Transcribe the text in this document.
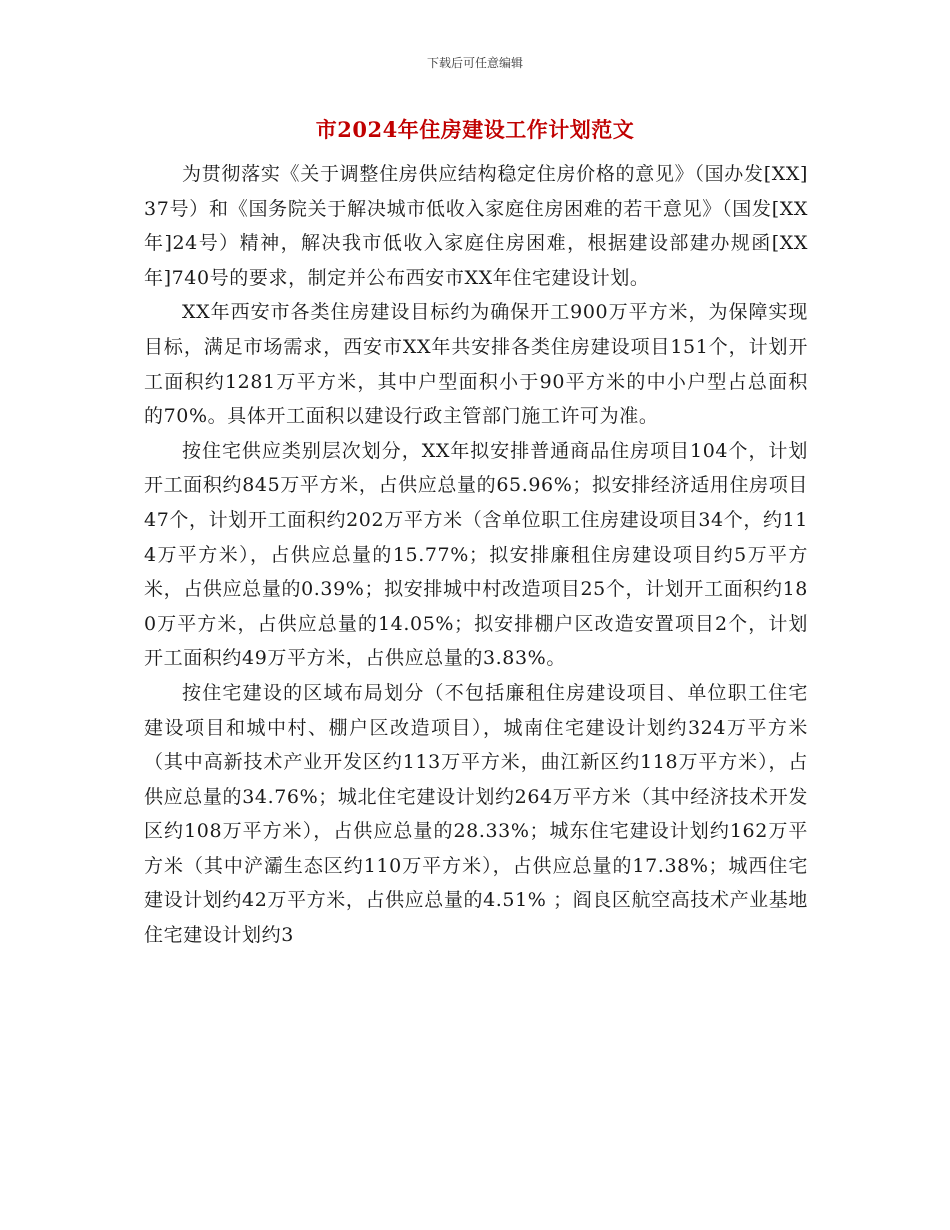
下载后可任意编辑
市2024年住房建设工作计划范文

为贯彻落实《关于调整住房供应结构稳定住房价格的意见》（国办发[XX]37号）和《国务院关于解决城市低收入家庭住房困难的若干意见》（国发[XX年]24号）精神，解决我市低收入家庭住房困难，根据建设部建办规函[XX年]740号的要求，制定并公布西安市XX年住宅建设计划。

XX年西安市各类住房建设目标约为确保开工900万平方米，为保障实现目标，满足市场需求，西安市XX年共安排各类住房建设项目151个，计划开工面积约1281万平方米，其中户型面积小于90平方米的中小户型占总面积的70%。具体开工面积以建设行政主管部门施工许可为准。

按住宅供应类别层次划分，XX年拟安排普通商品住房项目104个，计划开工面积约845万平方米，占供应总量的65.96%；拟安排经济适用住房项目47个，计划开工面积约202万平方米（含单位职工住房建设项目34个，约114万平方米），占供应总量的15.77%；拟安排廉租住房建设项目约5万平方米，占供应总量的0.39%；拟安排城中村改造项目25个，计划开工面积约180万平方米，占供应总量的14.05%；拟安排棚户区改造安置项目2个，计划开工面积约49万平方米，占供应总量的3.83%。

按住宅建设的区域布局划分（不包括廉租住房建设项目、单位职工住宅建设项目和城中村、棚户区改造项目），城南住宅建设计划约324万平方米（其中高新技术产业开发区约113万平方米，曲江新区约118万平方米），占供应总量的34.76%；城北住宅建设计划约264万平方米（其中经济技术开发区约108万平方米），占供应总量的28.33%；城东住宅建设计划约162万平方米（其中浐灞生态区约110万平方米），占供应总量的17.38%；城西住宅建设计划约42万平方米，占供应总量的4.51% ；阎良区航空高技术产业基地住宅建设计划约3
